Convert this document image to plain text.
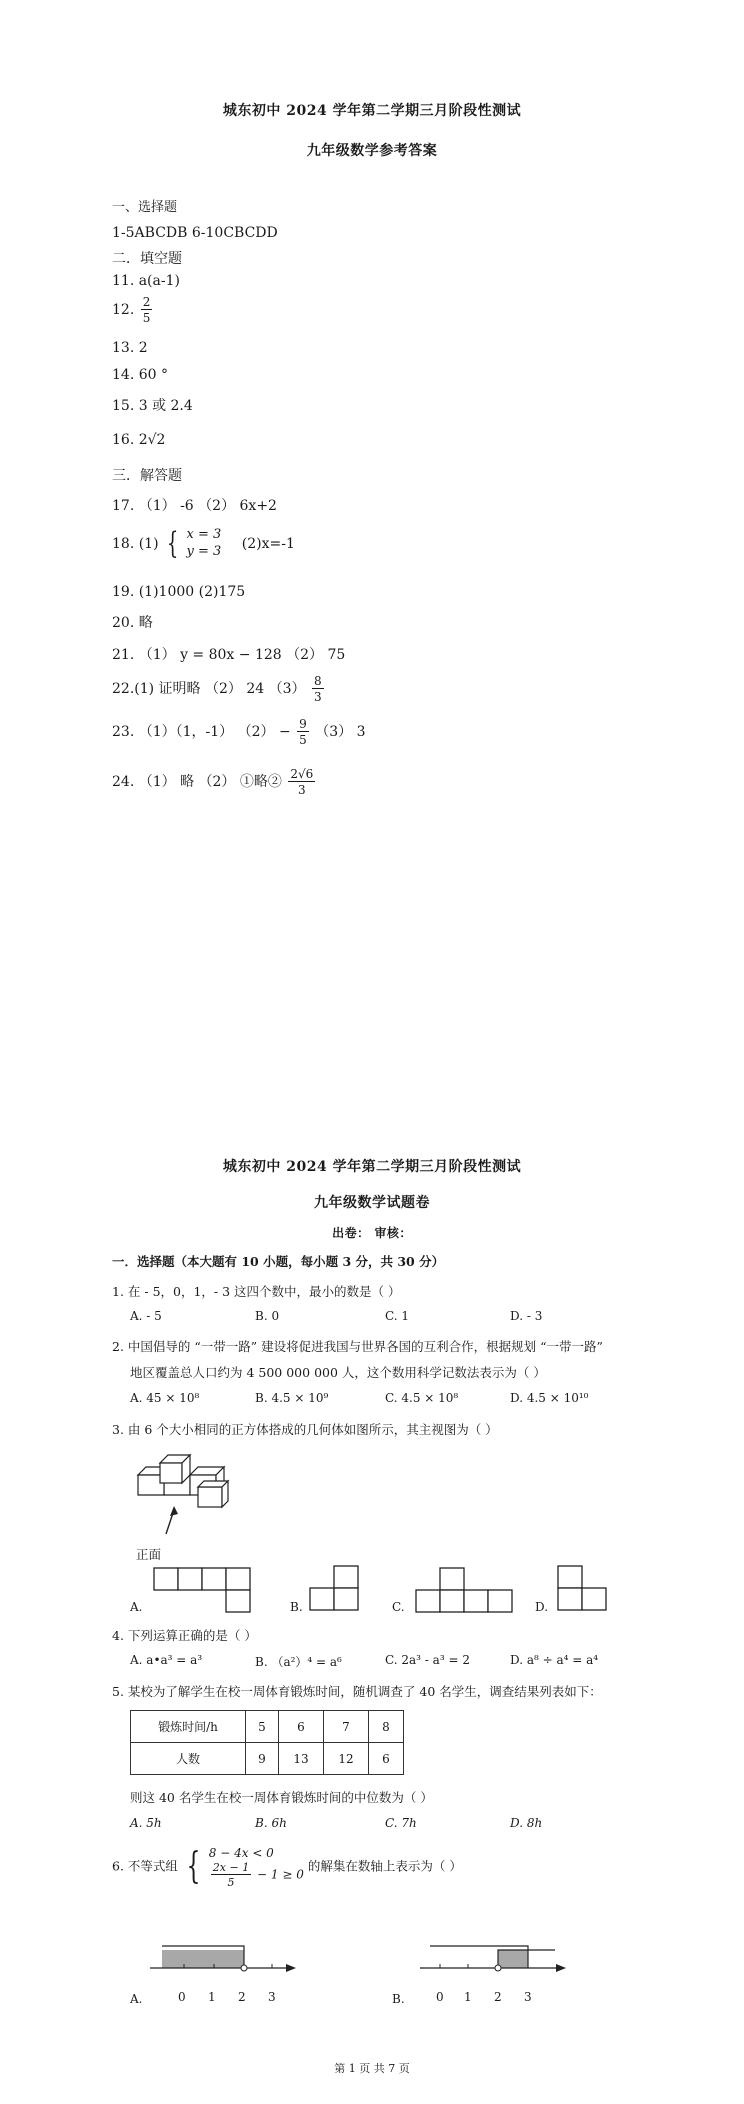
城东初中 2024 学年第二学期三月阶段性测试
九年级数学参考答案
一、选择题
1-5ABCDB 6-10CBCDD
二．填空题
11. a(a-1)
12. $\frac{2}{5}$
13. 2
14. 60 °
15. 3 或 2.4
16. 2√2
三．解答题
17. （1） -6 （2） 6x+2
18. (1) { x = 3
y = 3 (2)x=-1
19. (1)1000 (2)175
20. 略
21. （1） y = 80x − 128 （2） 75
22.(1) 证明略 （2） 24 $(3) \frac{8}{3}$
23. （1）（1，-1） $(2) - \frac{9}{5} (3)$ 3
24. （1） 略 （2） ①略② $\frac{2√6}{3}$
城东初中 2024 学年第二学期三月阶段性测试
九年级数学试题卷
出卷： 审核：
一．选择题（本大题有 10 小题，每小题 3 分，共 30 分）
1. 在 - 5，0，1，- 3 这四个数中，最小的数是（ ）
A. - 5	B. 0	C. 1	D. - 3
2. 中国倡导的 “一带一路” 建设将促进我国与世界各国的互利合作，根据规划 “一带一路”
地区覆盖总人口约为 4 500 000 000 人，这个数用科学记数法表示为（ ）
A. 45 × 10⁸	B. 4.5 × 10⁹	C. 4.5 × 10⁸	D. 4.5 × 10¹⁰
3. 由 6 个大小相同的正方体搭成的几何体如图所示，其主视图为（ ）
正面
A.	B.	C.	D.
4. 下列运算正确的是（ ）
A. a•a³ = a³	B. （a²）⁴ = a⁶	C. 2a³ - a³ = 2	D. a⁸ ÷ a⁴ = a⁴
5. 某校为了解学生在校一周体育锻炼时间，随机调查了 40 名学生，调查结果列表如下：
锻炼时间/h	5	6	7	8
人数	9	13	12	6
则这 40 名学生在校一周体育锻炼时间的中位数为（ ）
A. 5h	B. 6h	C. 7h	D. 8h
6. 不等式组 { 8 − 4x < 0
$\frac{2x - 1}{5} - 1 \ge 0$
的解集在数轴上表示为（ ）
A.	0 1 2 3	B.	0 1 2 3
第 1 页 共 7 页
